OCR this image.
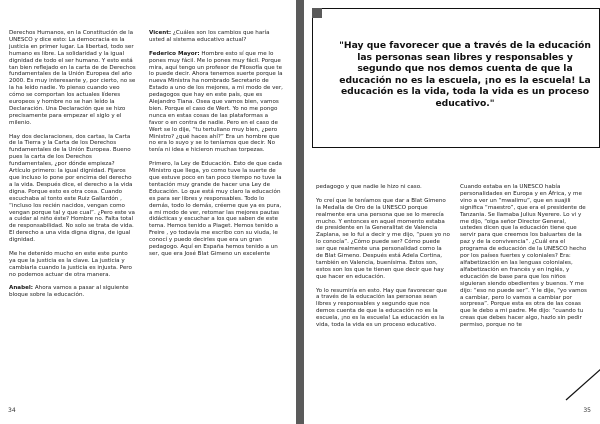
Derechos Humanos, en la Constitución de la UNESCO y dice esto: La democracia es la justicia en primer lugar. La libertad, todo ser humano es libre. La solidaridad y la igual dignidad de todo el ser humano. Y esto está tan bien reflejado en la carta de de Derechos fundamentales de la Unión Europea del año 2000. Es muy interesante y, por cierto, no se la ha leído nadie. Yo pienso cuando veo cómo se comportan los actuales líderes europeos y hombre no se han leído la Declaración. Una Declaración que se hizo precisamente para empezar el siglo y el milenio.

Hay dos declaraciones, dos cartas, la Carta de la Tierra y la Carta de los Derechos fundamentales de la Unión Europea. Bueno pues la carta de los Derechos fundamentales, ¿por dónde empieza? Artículo primero: la igual dignidad. Fijaros que incluso lo pone por encima del derecho a la vida. Después dice, el derecho a la vida digna. Porque esto es otra cosa. Cuando escuchaba al tonto este Ruiz Gallardón , “incluso los recién nacidos, vengan como vengan porque tal y que cual”. ¿Pero este va a cuidar al niño éste? Hombre no. Falta total de responsabilidad. No solo se trata de vida. El derecho a una vida digna digna, de igual dignidad.

Me he detenido mucho en este este punto ya que la justicia es la clave. La justicia y cambiarla cuando la justicia es injusta. Pero no podemos actuar de otra manera.

Anabel: Ahora vamos a pasar al siguiente bloque sobre la educación.

Vicent: ¿Cuáles son los cambios que haría usted al sistema educativo actual?

Federico Mayor: Hombre esto sí que me lo pones muy fácil. Me lo pones muy fácil. Porque mira, aquí tengo un profesor de Filosofía que te lo puede decir. Ahora tenemos suerte porque la nueva Ministra ha nombrado Secretario de Estado a uno de los mejores, a mi modo de ver, pedagogos que hay en este país, que es Alejandro Tiana. Osea que vamos bien, vamos bien. Porque el caso de Wert. Yo no me pongo nunca en estas cosas de las plataformas a favor o en contra de nadie. Pero en el caso de Wert se lo dije, “tu tertuliano muy bien, ¿pero Ministro? ¿qué haces ahí?” Era un hombre que no era lo suyo y se lo teníamos que decir. No tenía ni idea e hicieron muchas torpezas.

Primero, la Ley de Educación. Esto de que cada Ministro que llega, yo como tuve la suerte de que estuve poco en tan poco tiempo no tuve la tentación muy grande de hacer una Ley de Educación. Lo que está muy claro la educación es para ser libres y responsables. Todo lo demás, todo lo demás, créeme que ya es pura, a mi modo de ver, retomar las mejores pautas didácticas y escuchar a los que saben de este tema. Hemos tenido a Piaget. Hemos tenido a Freire , yo todavía me escribo con su viuda, le conocí y puedo decirles que era un gran pedagogo. Aquí en España hemos tenido a un ser, que era José Blat Gimeno un excelente

34
"Hay que favorecer que a través de la educación las personas sean libres y responsables y segundo que nos demos cuenta de que la educación no es la escuela, ¡no es la escuela! La educación es la vida, toda la vida es un proceso educativo."

pedagogo y que nadie le hizo ni caso.

Yo creí que le teníamos que dar a Blat Gimeno la Medalla de Oro de la UNESCO porque realmente era una persona que se lo merecía mucho. Y entonces en aquel momento estaba de presidente en la Generalitat de Valencia Zaplana, se lo fui a decir y me dijo, “pues yo no lo conocía”. ¿Cómo puede ser? Cómo puede ser que realmente una personalidad como la de Blat Gimeno. Después está Adela Cortina, también en Valencia, buenísima. Estos son, estos son los que te tienen que decir que hay que hacer en educación.

Yo lo resumiría en esto. Hay que favorecer que a través de la educación las personas sean libres y responsables y segundo que nos demos cuenta de que la educación no es la escuela, ¡no es la escuela! La educación es la vida, toda la vida es un proceso educativo.

Cuando estaba en la UNESCO había personalidades en Europa y en África, y me vino a ver un “mwalimu”, que en suajili significa “maestro”, que era el presidente de Tanzania. Se llamaba Julius Nyerere. Lo vi y me dijo, “oiga señor Director General, ustedes dicen que la educación tiene que servir para que creemos los baluartes de la paz y de la convivencia”. ¿Cuál era el programa de educación de la UNESCO hecho por los países fuertes y coloniales? Era: alfabetización en las lenguas coloniales, alfabetización en francés y en inglés, y educación de base para que los niños siguieran siendo obedientes y buenos. Y me dijo: “eso no puede ser”. Y le dije, “yo vamos a cambiar, pero lo vamos a cambiar por sorpresa”. Porque esta es otra de las cosas que le debo a mi padre. Me dijo: “cuando tu creas que debes hacer algo, hazlo sin pedir permiso, porque no te

35
